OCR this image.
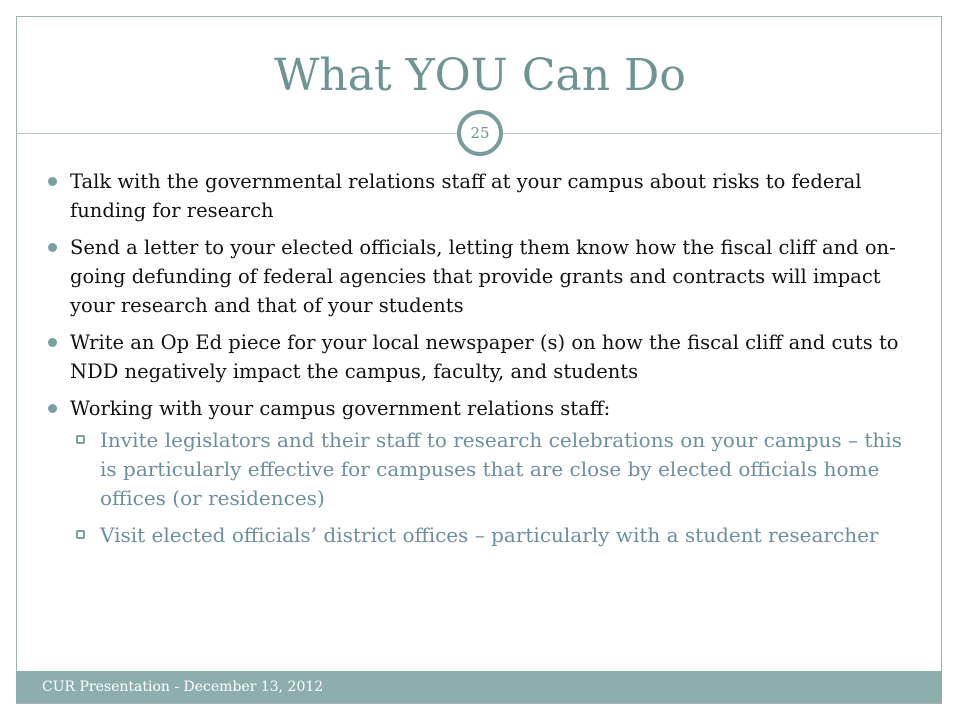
What YOU Can Do
25
Talk with the governmental relations staff at your campus about risks to federal funding for research
Send a letter to your elected officials, letting them know how the fiscal cliff and on-going defunding of federal agencies that provide grants and contracts will impact your research and that of your students
Write an Op Ed piece for your local newspaper (s) on how the fiscal cliff and cuts to NDD negatively impact the campus, faculty, and students
Working with your campus government relations staff:
Invite legislators and their staff to research celebrations on your campus – this is particularly effective for campuses that are close by elected officials home offices (or residences)
Visit elected officials’ district offices – particularly with a student researcher
CUR Presentation - December 13, 2012
